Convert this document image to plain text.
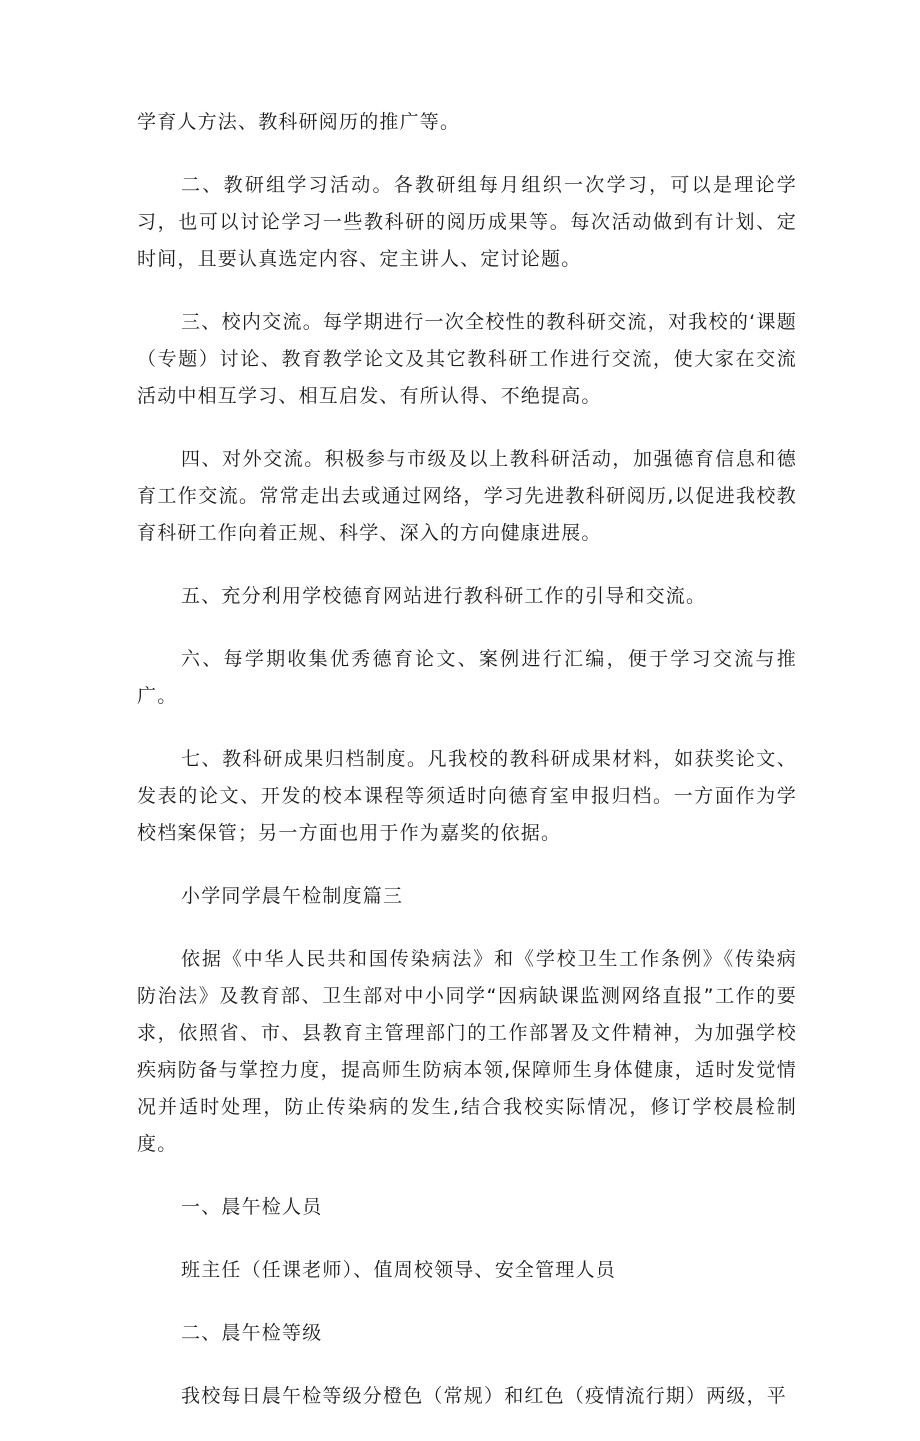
学育人方法、教科研阅历的推广等。

二、教研组学习活动。各教研组每月组织一次学习，可以是理论学习，也可以讨论学习一些教科研的阅历成果等。每次活动做到有计划、定时间，且要认真选定内容、定主讲人、定讨论题。

三、校内交流。每学期进行一次全校性的教科研交流，对我校的‘课题（专题）讨论、教育教学论文及其它教科研工作进行交流，使大家在交流活动中相互学习、相互启发、有所认得、不绝提高。

四、对外交流。积极参与市级及以上教科研活动，加强德育信息和德育工作交流。常常走出去或通过网络，学习先进教科研阅历,以促进我校教育科研工作向着正规、科学、深入的方向健康进展。

五、充分利用学校德育网站进行教科研工作的引导和交流。

六、每学期收集优秀德育论文、案例进行汇编，便于学习交流与推广。

七、教科研成果归档制度。凡我校的教科研成果材料，如获奖论文、发表的论文、开发的校本课程等须适时向德育室申报归档。一方面作为学校档案保管；另一方面也用于作为嘉奖的依据。

小学同学晨午检制度篇三

依据《中华人民共和国传染病法》和《学校卫生工作条例》《传染病防治法》及教育部、卫生部对中小同学“因病缺课监测网络直报”工作的要求，依照省、市、县教育主管理部门的工作部署及文件精神，为加强学校疾病防备与掌控力度，提高师生防病本领,保障师生身体健康，适时发觉情况并适时处理，防止传染病的发生,结合我校实际情况，修订学校晨检制度。

一、晨午检人员

班主任（任课老师）、值周校领导、安全管理人员

二、晨午检等级

我校每日晨午检等级分橙色（常规）和红色（疫情流行期）两级，平
